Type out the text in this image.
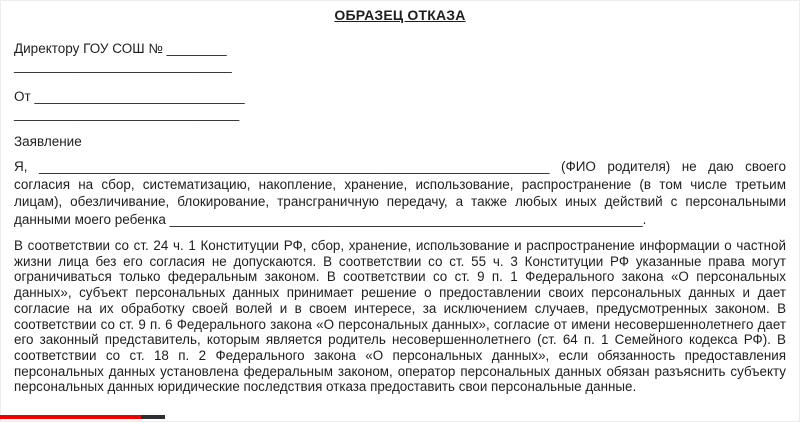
ОБРАЗЕЦ ОТКАЗА
Директору ГОУ СОШ № ________
_____________________________
От ____________________________
______________________________
Заявление

Я, ____________________________________________________________________ (ФИО родителя) не даю своего согласия на сбор, систематизацию, накопление, хранение, использование, распространение (в том числе третьим лицам), обезличивание, блокирование, трансграничную передачу, а также любых иных действий с персональными данными моего ребенка _______________________________________________________________.

В соответствии со ст. 24 ч. 1 Конституции РФ, сбор, хранение, использование и распространение информации о частной жизни лица без его согласия не допускаются. В соответствии со ст. 55 ч. 3 Конституции РФ указанные права могут ограничиваться только федеральным законом. В соответствии со ст. 9 п. 1 Федерального закона «О персональных данных», субъект персональных данных принимает решение о предоставлении своих персональных данных и дает согласие на их обработку своей волей и в своем интересе, за исключением случаев, предусмотренных законом. В соответствии со ст. 9 п. 6 Федерального закона «О персональных данных», согласие от имени несовершеннолетнего дает его законный представитель, которым является родитель несовершеннолетнего (ст. 64 п. 1 Семейного кодекса РФ). В соответствии со ст. 18 п. 2 Федерального закона «О персональных данных», если обязанность предоставления персональных данных установлена федеральным законом, оператор персональных данных обязан разъяснить субъекту персональных данных юридические последствия отказа предоставить свои персональные данные.
